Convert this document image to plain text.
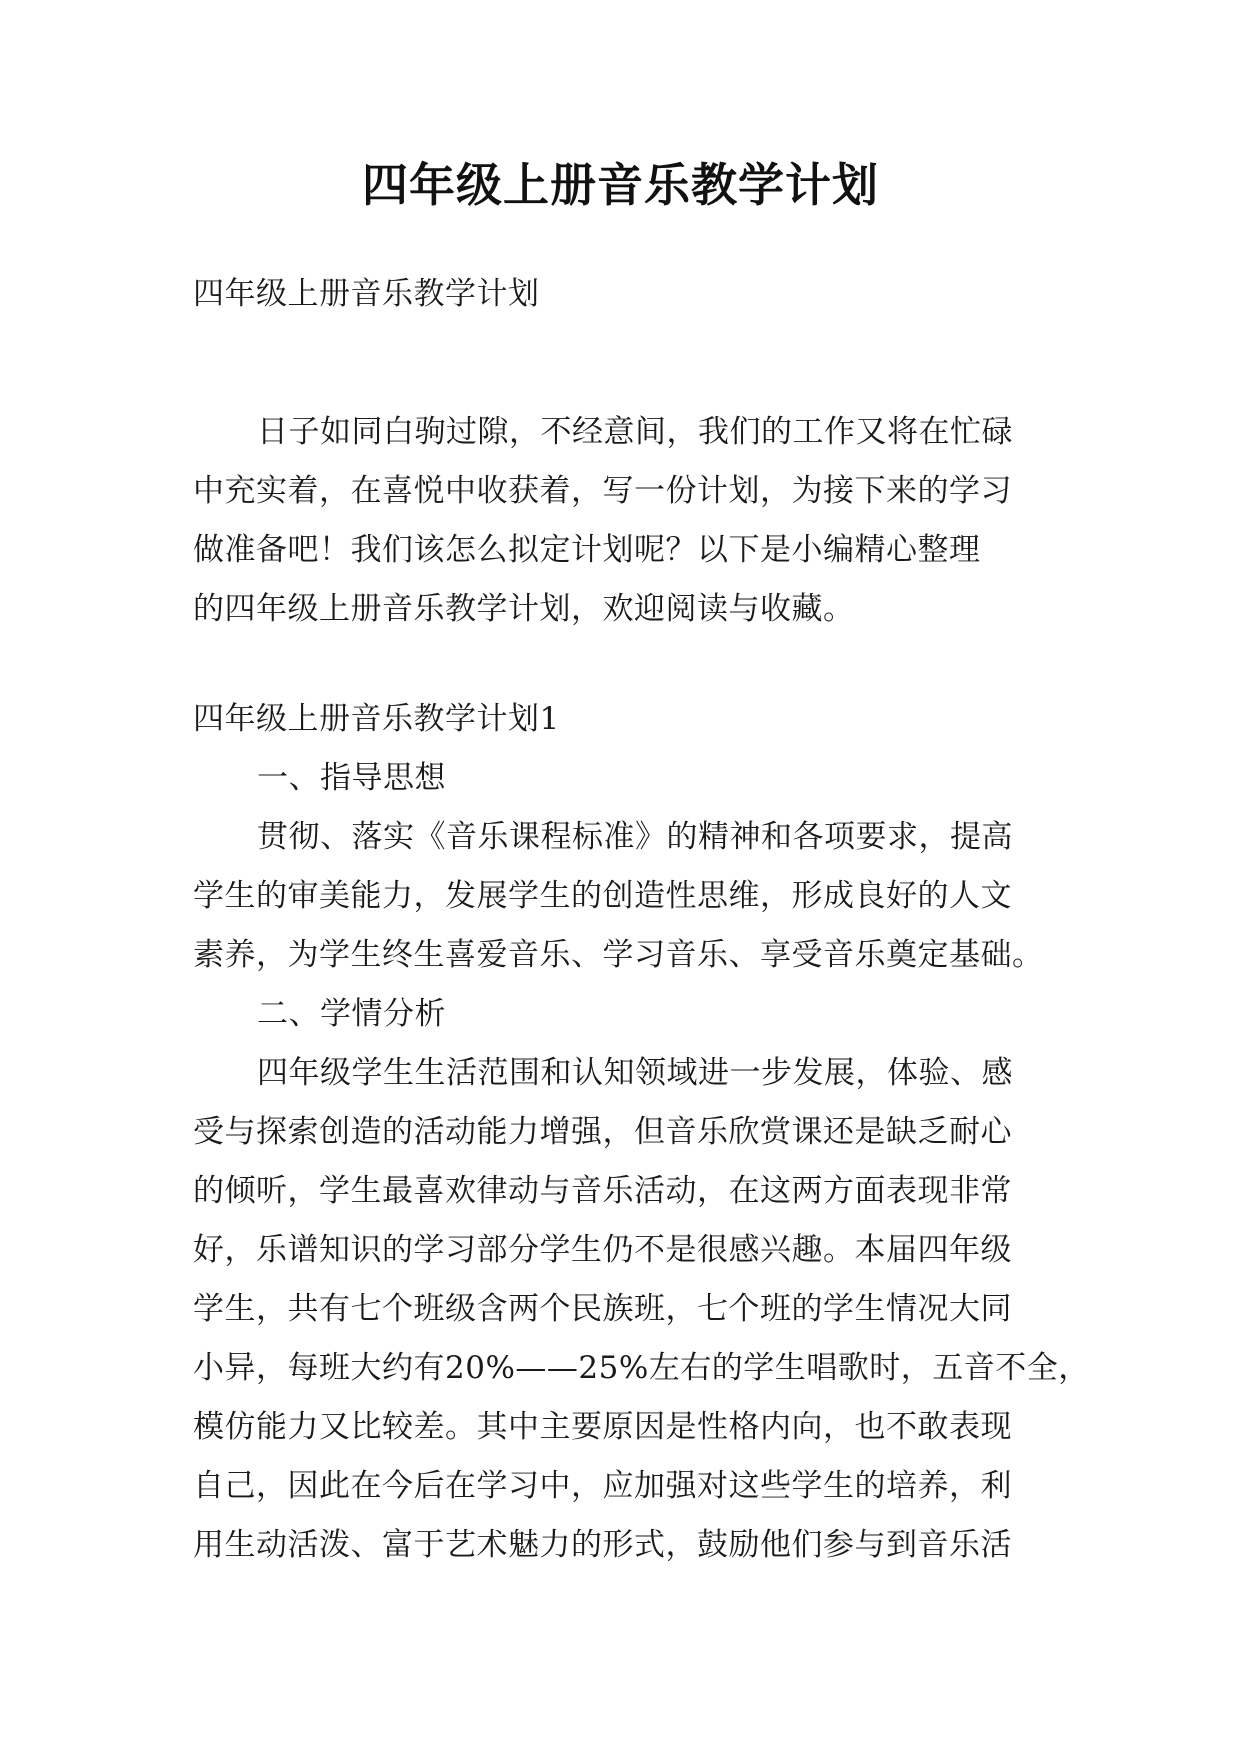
四年级上册音乐教学计划
四年级上册音乐教学计划
日子如同白驹过隙，不经意间，我们的工作又将在忙碌
中充实着，在喜悦中收获着，写一份计划，为接下来的学习
做准备吧！我们该怎么拟定计划呢？以下是小编精心整理
的四年级上册音乐教学计划，欢迎阅读与收藏。
四年级上册音乐教学计划1
一、指导思想
贯彻、落实《音乐课程标准》的精神和各项要求，提高
学生的审美能力，发展学生的创造性思维，形成良好的人文
素养，为学生终生喜爱音乐、学习音乐、享受音乐奠定基础。
二、学情分析
四年级学生生活范围和认知领域进一步发展，体验、感
受与探索创造的活动能力增强，但音乐欣赏课还是缺乏耐心
的倾听，学生最喜欢律动与音乐活动，在这两方面表现非常
好，乐谱知识的学习部分学生仍不是很感兴趣。本届四年级
学生，共有七个班级含两个民族班，七个班的学生情况大同
小异，每班大约有20%——25%左右的学生唱歌时，五音不全，
模仿能力又比较差。其中主要原因是性格内向，也不敢表现
自己，因此在今后在学习中，应加强对这些学生的培养，利
用生动活泼、富于艺术魅力的形式，鼓励他们参与到音乐活
